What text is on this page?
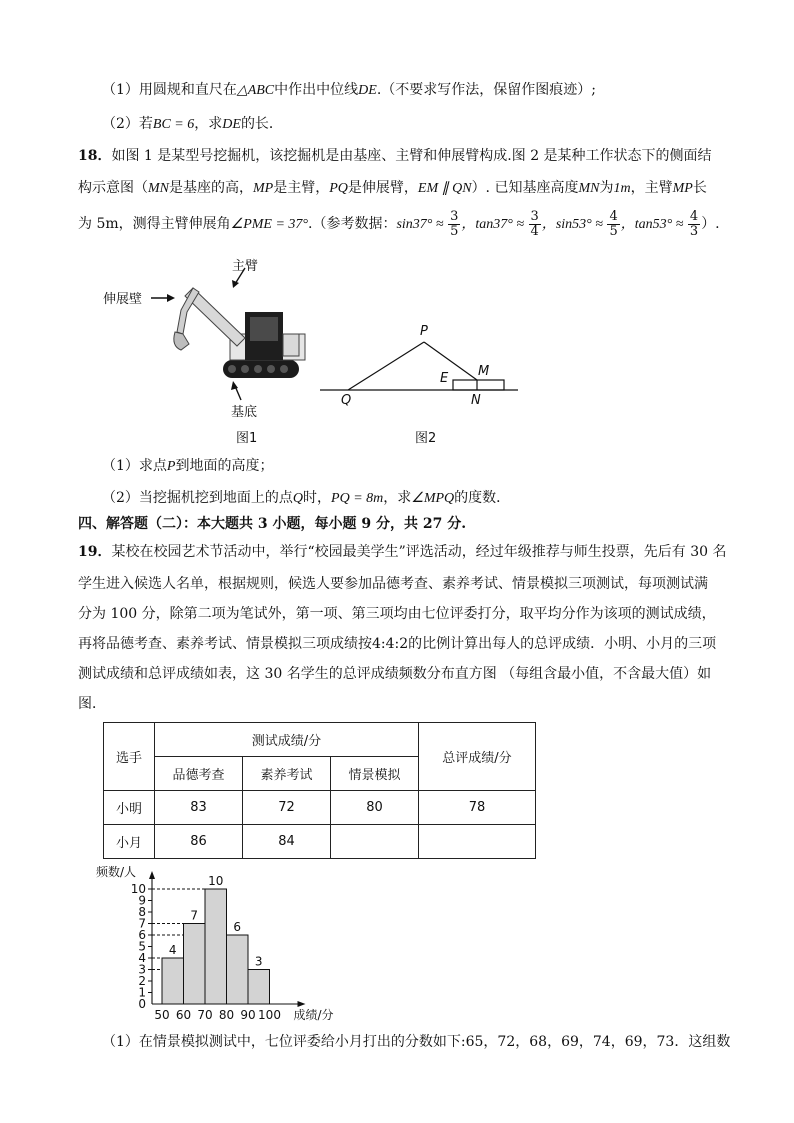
（1）用圆规和直尺在△ABC中作出中位线DE.（不要求写作法，保留作图痕迹）;
（2）若BC = 6，求DE的长．
18．如图 1 是某型号挖掘机，该挖掘机是由基座、主臂和伸展臂构成.图 2 是某种工作状态下的侧面结
构示意图（MN是基座的高，MP是主臂，PQ是伸展臂，EM ∥ QN）. 已知基座高度MN为1m，主臂MP长
为 5m，测得主臂伸展角∠PME = 37°.（参考数据：$\sin 37^\circ \approx \frac{3}{5}$ ，$\tan 37^\circ \approx \frac{3}{4}$ ，$\sin 53^\circ \approx \frac{4}{5}$ ，$\tan 53^\circ \approx \frac{4}{3}$ ）.
主臂
伸展壁
基底
图1
P
E M
Q	N
图2
（1）求点P到地面的高度；
（2）当挖掘机挖到地面上的点Q时，PQ = 8m，求∠MPQ的度数．
四、解答题（二）：本大题共 3 小题，每小题 9 分，共 27 分.
19．某校在校园艺术节活动中，举行“校园最美学生”评选活动，经过年级推荐与师生投票，先后有 30 名
学生进入候选人名单，根据规则，候选人要参加品德考查、素养考试、情景模拟三项测试，每项测试满
分为 100 分，除第二项为笔试外，第一项、第三项均由七位评委打分，取平均分作为该项的测试成绩，
再将品德考查、素养考试、情景模拟三项成绩按4:4:2的比例计算出每人的总评成绩．小明、小月的三项
测试成绩和总评成绩如表，这 30 名学生的总评成绩频数分布直方图 （每组含最小值，不含最大值）如
图．
选手	测试成绩/分			总评成绩/分
	品德考查	素养考试	情景模拟	
小明	83	72	80	78
小月	86	84		
4
7
10
6
3
0
1
2
3
4
5
6
7
8
9
10
50 60 70 80 90 100
频数/人
成绩/分
（1）在情景模拟测试中，七位评委给小月打出的分数如下:65，72，68，69，74，69，73．这组数
